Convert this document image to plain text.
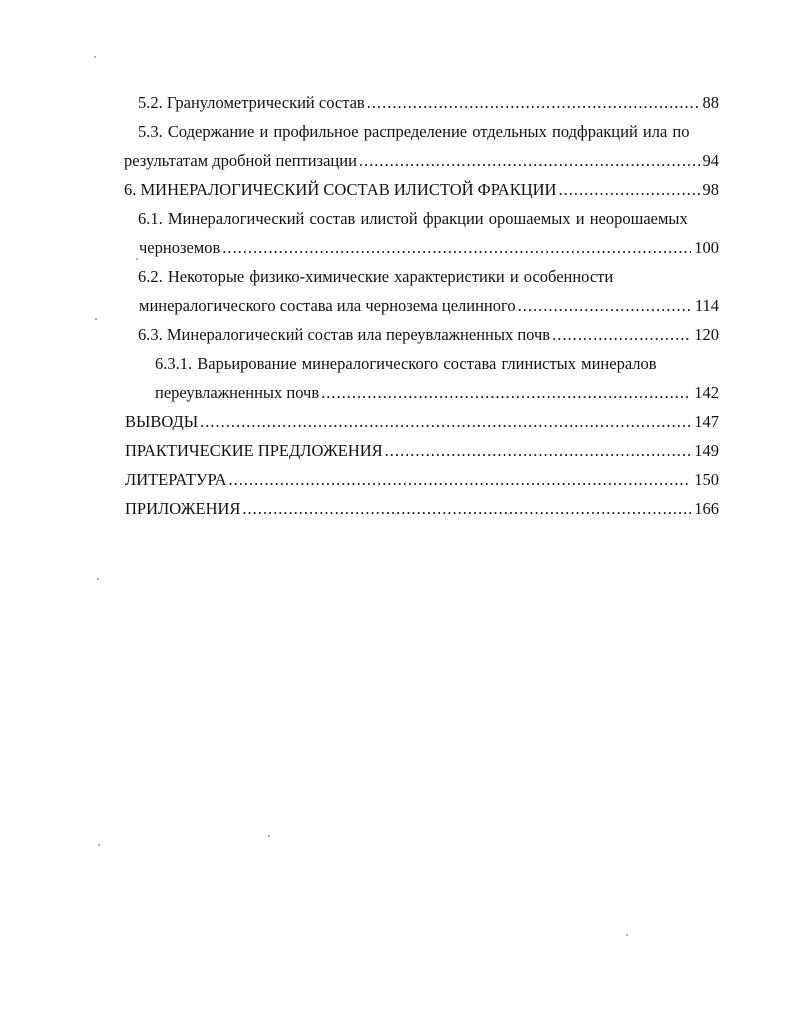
5.2. Гранулометрический состав .....	88
5.3. Содержание и профильное распределение отдельных подфракций ила по
результатам дробной пептизации .....	94
6. МИНЕРАЛОГИЧЕСКИЙ СОСТАВ ИЛИСТОЙ ФРАКЦИИ .....	98
6.1. Минералогический состав илистой фракции орошаемых и неорошаемых
черноземов .....	100
6.2. Некоторые физико-химические характеристики и особенности
минералогического состава ила чернозема целинного .....	114
6.3. Минералогический состав ила переувлажненных почв .....	120
6.3.1. Варьирование минералогического состава глинистых минералов
переувлажненных почв .....	142
ВЫВОДЫ .....	147
ПРАКТИЧЕСКИЕ ПРЕДЛОЖЕНИЯ .....	149
ЛИТЕРАТУРА .....	150
ПРИЛОЖЕНИЯ .....	166
